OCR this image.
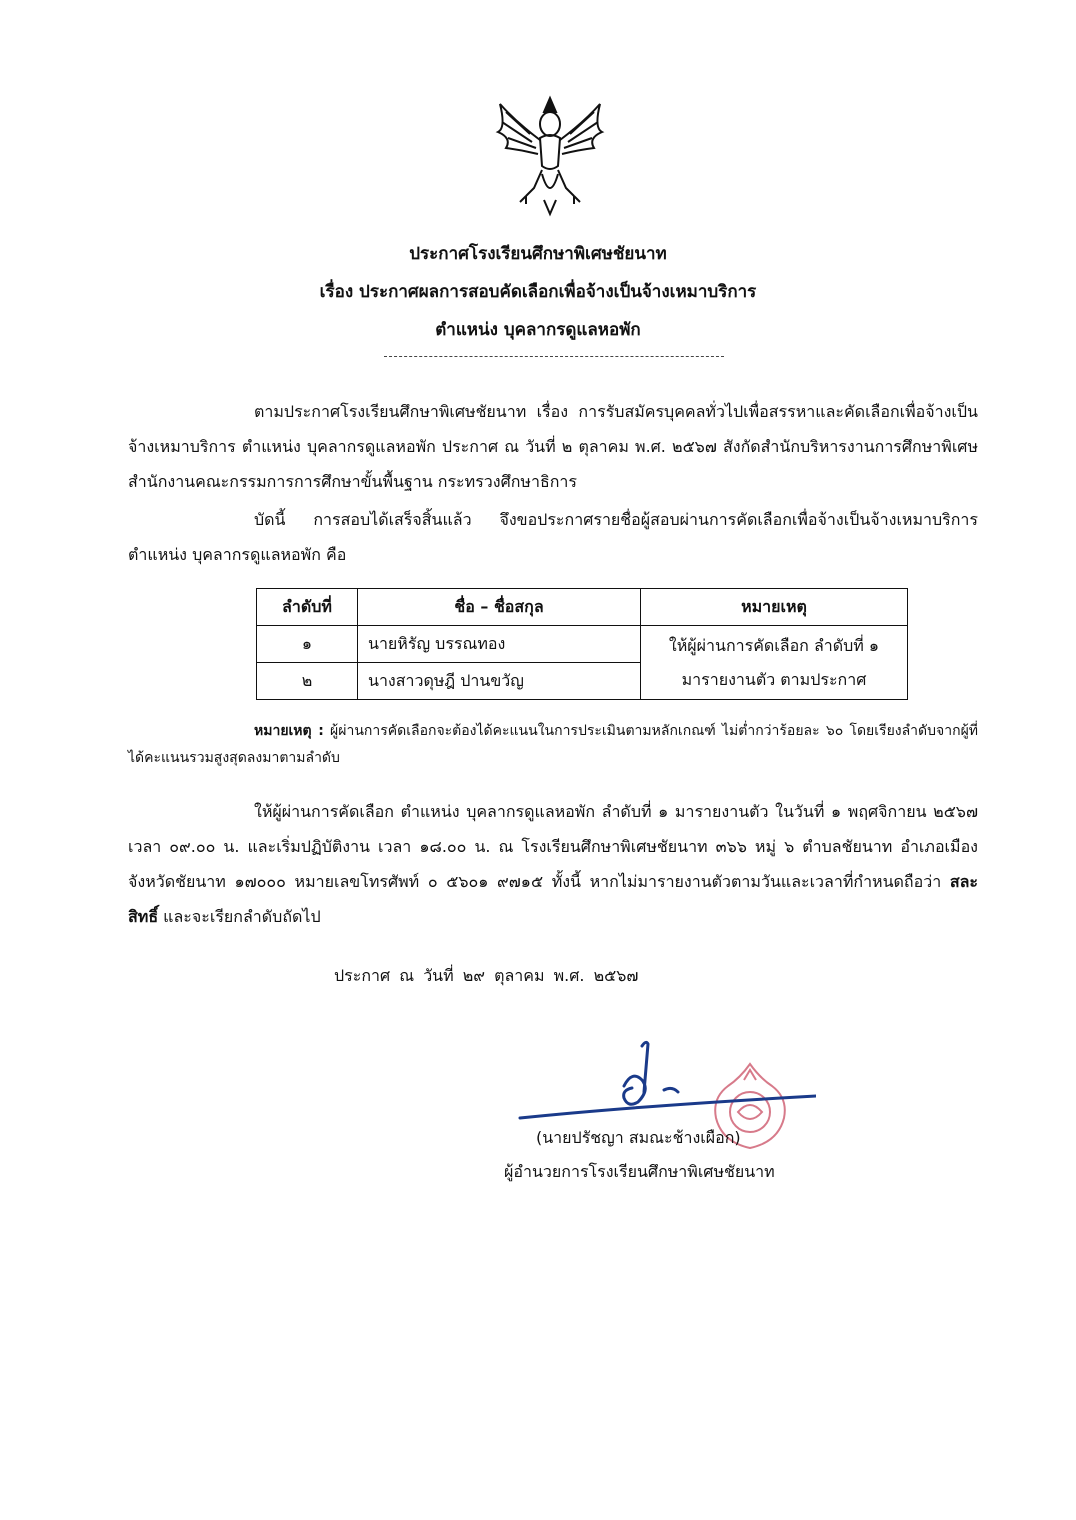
ประกาศโรงเรียนศึกษาพิเศษชัยนาท
เรื่อง ประกาศผลการสอบคัดเลือกเพื่อจ้างเป็นจ้างเหมาบริการ
ตำแหน่ง บุคลากรดูแลหอพัก
ตามประกาศโรงเรียนศึกษาพิเศษชัยนาท เรื่อง การรับสมัครบุคคลทั่วไปเพื่อสรรหาและคัดเลือกเพื่อจ้างเป็นจ้างเหมาบริการ ตำแหน่ง บุคลากรดูแลหอพัก ประกาศ ณ วันที่ ๒ ตุลาคม พ.ศ. ๒๕๖๗ สังกัดสำนักบริหารงานการศึกษาพิเศษ สำนักงานคณะกรรมการการศึกษาขั้นพื้นฐาน กระทรวงศึกษาธิการ
บัดนี้ การสอบได้เสร็จสิ้นแล้ว จึงขอประกาศรายชื่อผู้สอบผ่านการคัดเลือกเพื่อจ้างเป็นจ้างเหมาบริการ ตำแหน่ง บุคลากรดูแลหอพัก คือ
ลำดับที่	ชื่อ – ชื่อสกุล	หมายเหตุ
๑	นายหิรัญ บรรณทอง	ให้ผู้ผ่านการคัดเลือก ลำดับที่ ๑
มารายงานตัว ตามประกาศ

๒	นางสาวดุษฎี ปานขวัญ	
หมายเหตุ : ผู้ผ่านการคัดเลือกจะต้องได้คะแนนในการประเมินตามหลักเกณฑ์ ไม่ต่ำกว่าร้อยละ ๖๐ โดยเรียงลำดับจากผู้ที่ได้คะแนนรวมสูงสุดลงมาตามลำดับ
ให้ผู้ผ่านการคัดเลือก ตำแหน่ง บุคลากรดูแลหอพัก ลำดับที่ ๑ มารายงานตัว ในวันที่ ๑ พฤศจิกายน ๒๕๖๗ เวลา ๐๙.๐๐ น. และเริ่มปฏิบัติงาน เวลา ๑๘.๐๐ น. ณ โรงเรียนศึกษาพิเศษชัยนาท ๓๖๖ หมู่ ๖ ตำบลชัยนาท อำเภอเมือง จังหวัดชัยนาท ๑๗๐๐๐ หมายเลขโทรศัพท์ ๐ ๕๖๐๑ ๙๗๑๕ ทั้งนี้ หากไม่มารายงานตัวตามวันและเวลาที่กำหนดถือว่า สละสิทธิ์ และจะเรียกลำดับถัดไป
ประกาศ ณ วันที่ ๒๙ ตุลาคม พ.ศ. ๒๕๖๗
(นายปรัชญา สมณะช้างเผือก)
ผู้อำนวยการโรงเรียนศึกษาพิเศษชัยนาท
